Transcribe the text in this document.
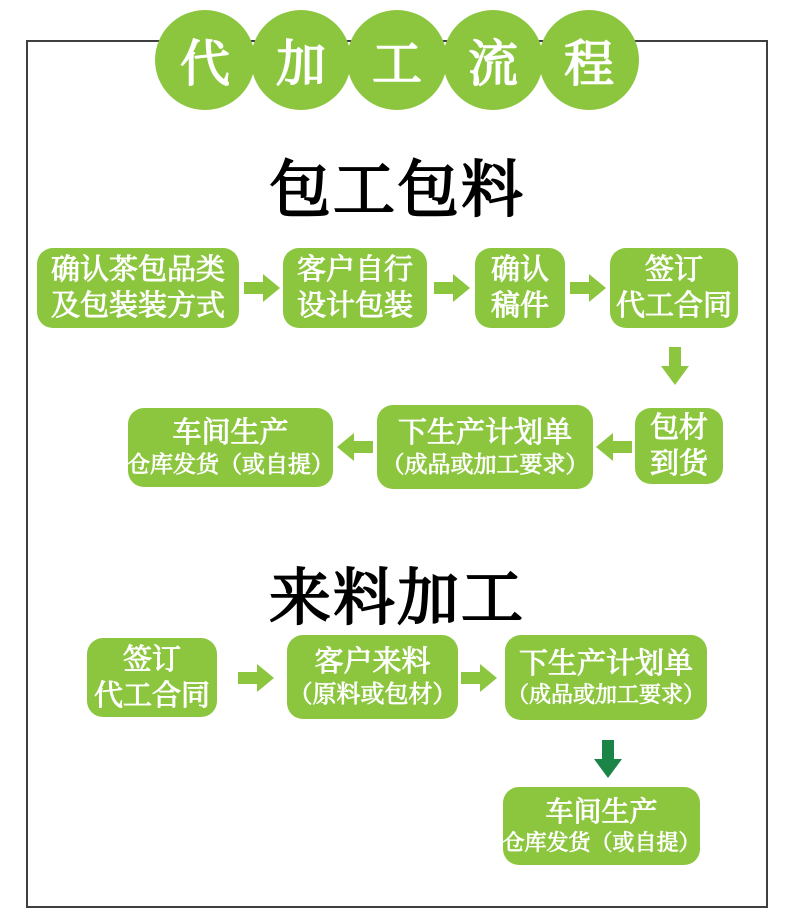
代 加 工 流 程
包工包料
确认茶包品类
及包装装方式
客户自行
设计包装
确认
稿件
签订
代工合同
包材
到货
下生产计划单
（成品或加工要求）
车间生产
仓库发货（或自提）
来料加工
签订
代工合同
客户来料
（原料或包材）
下生产计划单
（成品或加工要求）
车间生产
仓库发货（或自提）
